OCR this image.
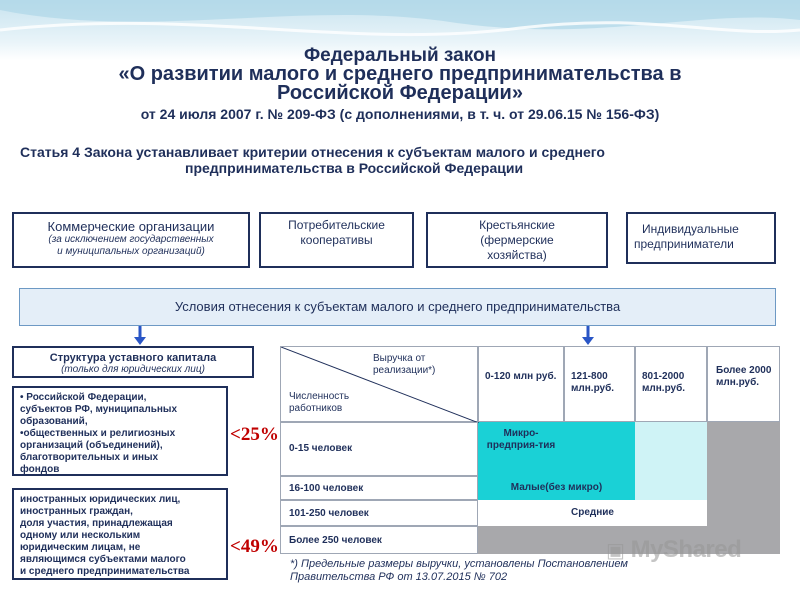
Федеральный закон
«О развитии малого и среднего предпринимательства в
Российской Федерации»
от 24 июля 2007 г. № 209-ФЗ (с дополнениями, в т. ч. от 29.06.15 № 156-ФЗ)
Статья 4 Закона устанавливает критерии отнесения к субъектам малого и среднего
предпринимательства в Российской Федерации
Коммерческие организации
(за исключением государственных
и муниципальных организаций)
Потребительские
кооперативы
Крестьянские
(фермерские
хозяйства)
Индивидуальные
предприниматели
Условия отнесения к субъектам малого и среднего предпринимательства
Структура уставного капитала
(только для юридических лиц)
• Российской Федерации,
субъектов РФ, муниципальных
образований,
•общественных и религиозных
организаций (объединений),
благотворительных и иных
фондов
<25%
иностранных юридических лиц,
иностранных граждан,
доля участия, принадлежащая
одному или нескольким
юридическим лицам, не
являющимся субъектами малого
и среднего предпринимательства
<49%
Микро-предприя-тия
Малые(без микро)
Средние
Выручка от реализации*)
Численность работников
0-120 млн руб.	121-800 млн.руб.
801-2000 млн.руб.
Более 2000 млн.руб.
0-15 человек
16-100 человек
101-250 человек
Более 250 человек	▣ MyShared
*) Предельные размеры выручки, установлены Постановлением
Правительства РФ от 13.07.2015 № 702
